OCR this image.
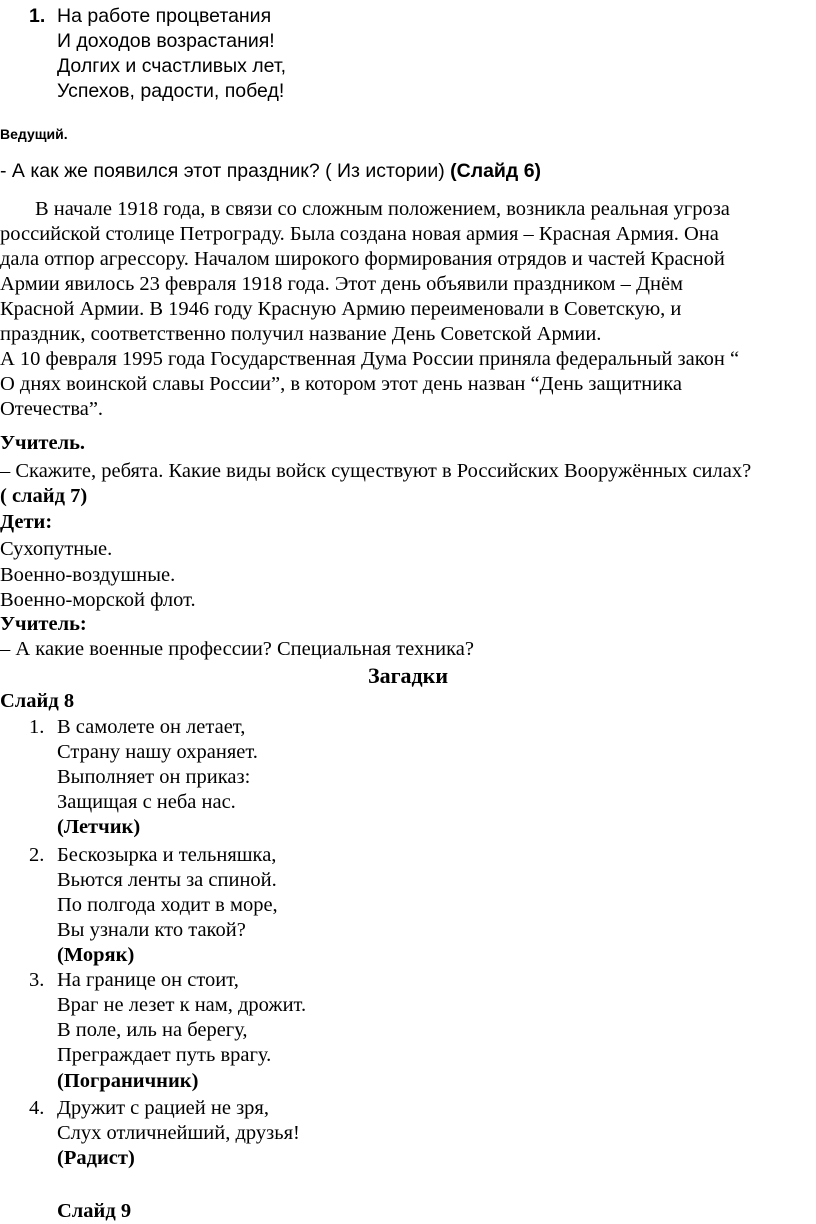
1. На работе процветания
И доходов возрастания!
Долгих и счастливых лет,
Успехов, радости, побед!
Ведущий.
- А как же появился этот праздник? ( Из истории) (Слайд 6)
В начале 1918 года, в связи со сложным положением, возникла реальная угроза
российской столице Петрограду. Была создана новая армия – Красная Армия. Она
дала отпор агрессору. Началом широкого формирования отрядов и частей Красной
Армии явилось 23 февраля 1918 года. Этот день объявили праздником – Днём
Красной Армии. В 1946 году Красную Армию переименовали в Советскую, и
праздник, соответственно получил название День Советской Армии.
А 10 февраля 1995 года Государственная Дума России приняла федеральный закон “
О днях воинской славы России”, в котором этот день назван “День защитника
Отечества”.
Учитель.
– Скажите, ребята. Какие виды войск существуют в Российских Вооружённых силах?
( слайд 7)
Дети:
Сухопутные.
Военно-воздушные.
Военно-морской флот.
Учитель:
– А какие военные профессии? Специальная техника?
Загадки
Слайд 8
1. В самолете он летает,
Страну нашу охраняет.
Выполняет он приказ:
Защищая с неба нас.
(Летчик)
2. Бескозырка и тельняшка,
Вьются ленты за спиной.
По полгода ходит в море,
Вы узнали кто такой?
(Моряк)
3. На границе он стоит,
Враг не лезет к нам, дрожит.
В поле, иль на берегу,
Преграждает путь врагу.
(Пограничник)
4. Дружит с рацией не зря,
Слух отличнейший, друзья!
(Радист)
Слайд 9
